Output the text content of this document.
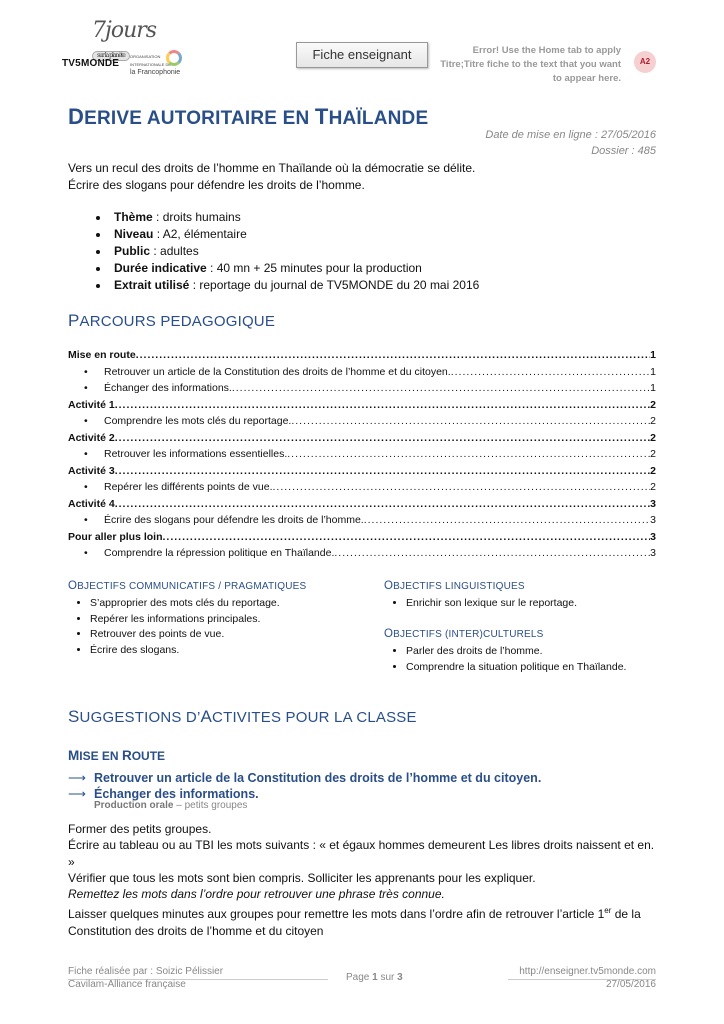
7jours
sur la planète
TV5MONDE
ORGANISATION INTERNATIONALE DE
la Francophonie
Fiche enseignant	Error! Use the Home tab to apply Titre;Titre fiche to the text that you want to appear here.
A2
DERIVE AUTORITAIRE EN THAÏLANDE
Date de mise en ligne : 27/05/2016
Dossier : 485
Vers un recul des droits de l’homme en Thaïlande où la démocratie se délite.
Écrire des slogans pour défendre les droits de l’homme.
• Thème : droits humains
• Niveau : A2, élémentaire
• Public : adultes
• Durée indicative : 40 mn + 25 minutes pour la production
• Extrait utilisé : reportage du journal de TV5MONDE du 20 mai 2016
PARCOURS PEDAGOGIQUE
Mise en route .....	1
•	Retrouver un article de la Constitution des droits de l’homme et du citoyen. .....	1
•	Échanger des informations. .....	1
Activité 1 .....	2
•	Comprendre les mots clés du reportage. .....	2
Activité 2 .....	2
•	Retrouver les informations essentielles. .....	2
Activité 3 .....	2
•	Repérer les différents points de vue. .....	2
Activité 4 .....	3
•	Écrire des slogans pour défendre les droits de l’homme. .....	3
Pour aller plus loin .....	3
•	Comprendre la répression politique en Thaïlande. .....	3
OBJECTIFS COMMUNICATIFS / PRAGMATIQUES
• S’approprier des mots clés du reportage.
• Repérer les informations principales.
• Retrouver des points de vue.
• Écrire des slogans.
OBJECTIFS LINGUISTIQUES
• Enrichir son lexique sur le reportage.
OBJECTIFS (INTER)CULTURELS
• Parler des droits de l’homme.
• Comprendre la situation politique en Thaïlande.
SUGGESTIONS D’ACTIVITES POUR LA CLASSE
MISE EN ROUTE
⟶ Retrouver un article de la Constitution des droits de l’homme et du citoyen.
⟶ Échanger des informations.
Production orale – petits groupes
Former des petits groupes.
Écrire au tableau ou au TBI les mots suivants : « et égaux hommes demeurent Les libres droits naissent et en. »
Vérifier que tous les mots sont bien compris. Solliciter les apprenants pour les expliquer.
Remettez les mots dans l’ordre pour retrouver une phrase très connue.
Laisser quelques minutes aux groupes pour remettre les mots dans l’ordre afin de retrouver l’article 1er de la Constitution des droits de l’homme et du citoyen
Fiche réalisée par : Soizic Pélissier
Cavilam-Alliance française
Page 1 sur 3
http://enseigner.tv5monde.com
27/05/2016
